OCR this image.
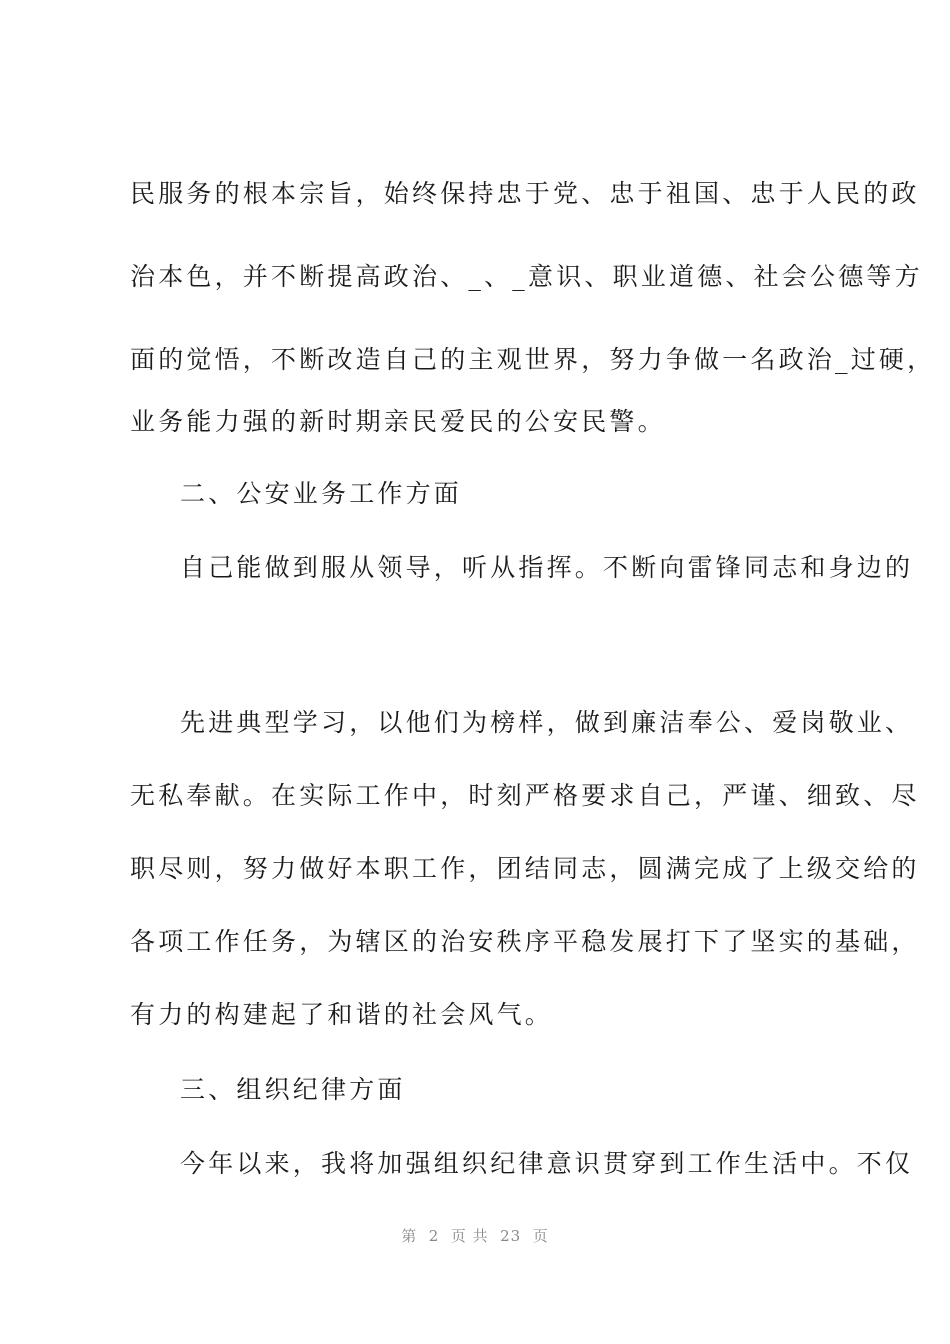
民服务的根本宗旨，始终保持忠于党、忠于祖国、忠于人民的政
治本色，并不断提高政治、_、_意识、职业道德、社会公德等方
面的觉悟，不断改造自己的主观世界，努力争做一名政治_过硬，
业务能力强的新时期亲民爱民的公安民警。
二、公安业务工作方面
自己能做到服从领导，听从指挥。不断向雷锋同志和身边的
先进典型学习，以他们为榜样，做到廉洁奉公、爱岗敬业、
无私奉献。在实际工作中，时刻严格要求自己，严谨、细致、尽
职尽则，努力做好本职工作，团结同志，圆满完成了上级交给的
各项工作任务，为辖区的治安秩序平稳发展打下了坚实的基础，
有力的构建起了和谐的社会风气。
三、组织纪律方面
今年以来，我将加强组织纪律意识贯穿到工作生活中。不仅
第  2  页 共  23  页
